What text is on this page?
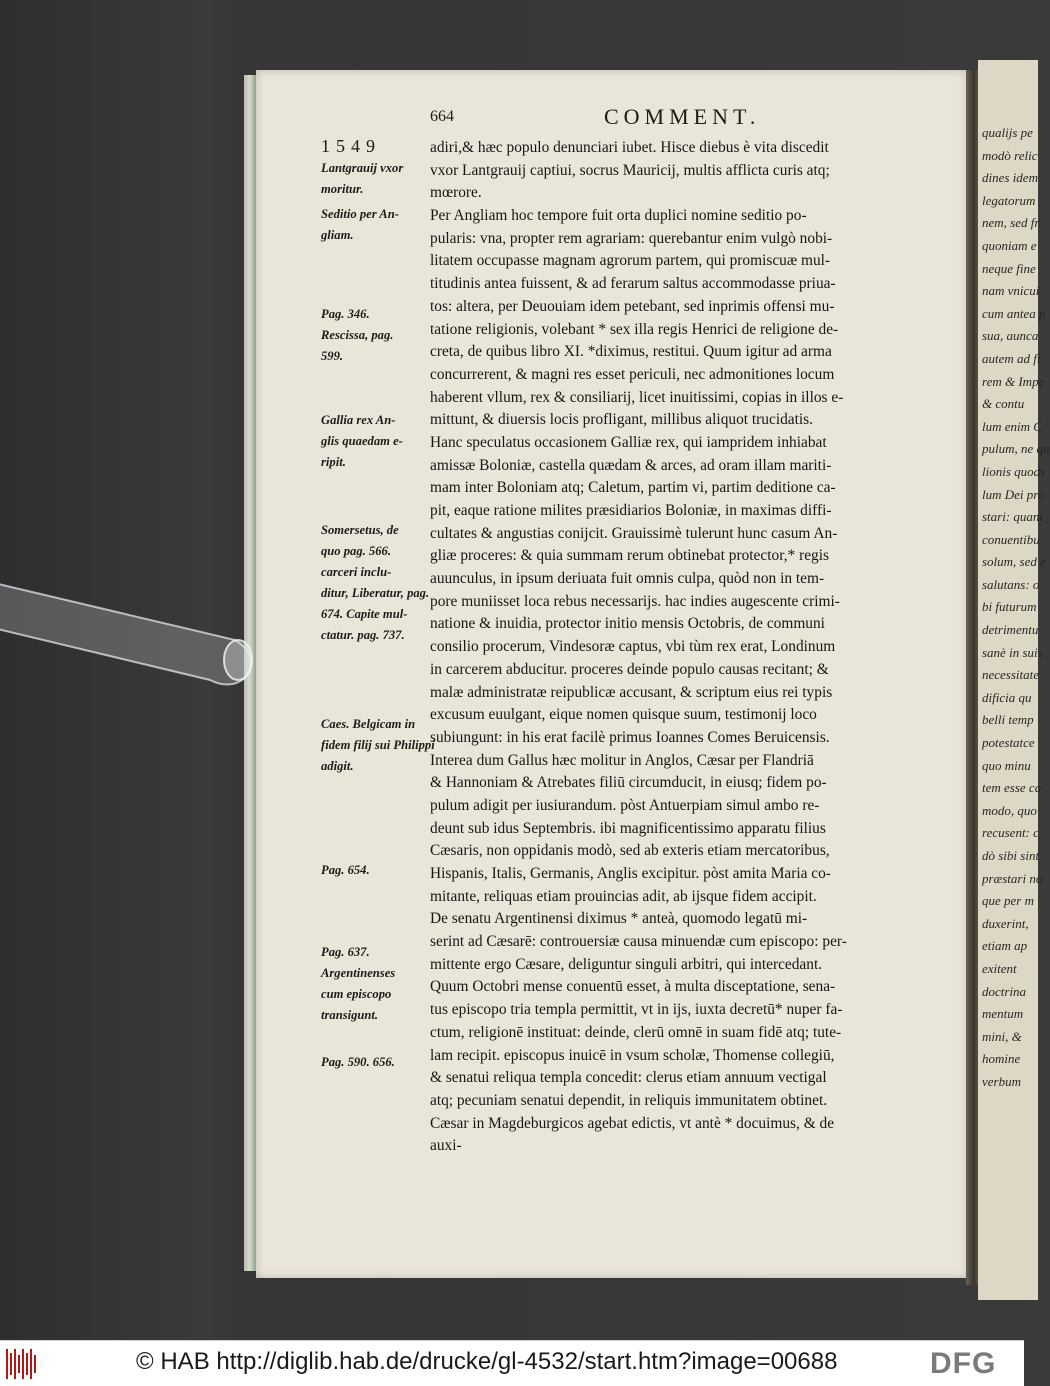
qualijs pe
modò relic
dines idem
legatorum
nem, sed fr
quoniam e
neque fine
nam vnicui
cum antea p
sua, aunca
autem ad fi
rem & Impe
& contu
lum enim C
pulum, ne qu
lionis quodv
lum Dei pro
stari: quant
conuentibu
solum, sed e
salutans: o
bi futurum
detrimentu
sanè in suis
necessitate
dificia qu
belli temp
potestatce
quo minu
tem esse ca
modo, quo
recusent: c
dò sibi sint
præstari no
que per m
duxerint,
etiam ap
exitent
doctrina
mentum
mini, &
homine
verbum
664	COMMENT.
1549
Lantgrauij vxor
moritur.
Seditio per An-
gliam.
Pag. 346.
Rescissa, pag.
599.
Gallia rex An-
glis quaedam e-
ripit.
Somersetus, de
quo pag. 566.
carceri inclu-
ditur, Liberatur, pag.
674. Capite mul-
ctatur. pag. 737.
Caes. Belgicam in
fidem filij sui Philippi
adigit.
Pag. 654.
Pag. 637.
Argentinenses
cum episcopo
transigunt.
Pag. 590. 656.
adiri,& hæc populo denunciari iubet. Hisce diebus è vita discedit
vxor Lantgrauij captiui, socrus Mauricij, multis afflicta curis atq;
mœrore.
Per Angliam hoc tempore fuit orta duplici nomine seditio po-
pularis: vna, propter rem agrariam: querebantur enim vulgò nobi-
litatem occupasse magnam agrorum partem, qui promiscuæ mul-
titudinis antea fuissent, & ad ferarum saltus accommodasse priua-
tos: altera, per Deuouiam idem petebant, sed inprimis offensi mu-
tatione religionis, volebant * sex illa regis Henrici de religione de-
creta, de quibus libro XI. *diximus, restitui. Quum igitur ad arma
concurrerent, & magni res esset periculi, nec admonitiones locum
haberent vllum, rex & consiliarij, licet inuitissimi, copias in illos e-
mittunt, & diuersis locis profligant, millibus aliquot trucidatis.
Hanc speculatus occasionem Galliæ rex, qui iampridem inhiabat
amissæ Boloniæ, castella quædam & arces, ad oram illam mariti-
mam inter Boloniam atq; Caletum, partim vi, partim deditione ca-
pit, eaque ratione milites præsidiarios Boloniæ, in maximas diffi-
cultates & angustias conijcit. Grauissimè tulerunt hunc casum An-
gliæ proceres: & quia summam rerum obtinebat protector,* regis
auunculus, in ipsum deriuata fuit omnis culpa, quòd non in tem-
pore muniisset loca rebus necessarijs. hac indies augescente crimi-
natione & inuidia, protector initio mensis Octobris, de communi
consilio procerum, Vindesoræ captus, vbi tùm rex erat, Londinum
in carcerem abducitur. proceres deinde populo causas recitant; &
malæ administratæ reipublicæ accusant, & scriptum eius rei typis
excusum euulgant, eique nomen quisque suum, testimonij loco
subiungunt: in his erat facilè primus Ioannes Comes Beruicensis.
Interea dum Gallus hæc molitur in Anglos, Cæsar per Flandriā
& Hannoniam & Atrebates filiū circumducit, in eiusq; fidem po-
pulum adigit per iusiurandum. pòst Antuerpiam simul ambo re-
deunt sub idus Septembris. ibi magnificentissimo apparatu filius
Cæsaris, non oppidanis modò, sed ab exteris etiam mercatoribus,
Hispanis, Italis, Germanis, Anglis excipitur. pòst amita Maria co-
mitante, reliquas etiam prouincias adit, ab ijsque fidem accipit.
De senatu Argentinensi diximus * anteà, quomodo legatū mi-
serint ad Cæsarē: controuersiæ causa minuendæ cum episcopo: per-
mittente ergo Cæsare, deliguntur singuli arbitri, qui intercedant.
Quum Octobri mense conuentū esset, à multa disceptatione, sena-
tus episcopo tria templa permittit, vt in ijs, iuxta decretū* nuper fa-
ctum, religionē instituat: deinde, clerū omnē in suam fidē atq; tute-
lam recipit. episcopus inuicē in vsum scholæ, Thomense collegiū,
& senatui reliqua templa concedit: clerus etiam annuum vectigal
atq; pecuniam senatui dependit, in reliquis immunitatem obtinet.
Cæsar in Magdeburgicos agebat edictis, vt antè * docuimus, & de
auxi-
© HAB http://diglib.hab.de/drucke/gl-4532/start.htm?image=00688	DFG
